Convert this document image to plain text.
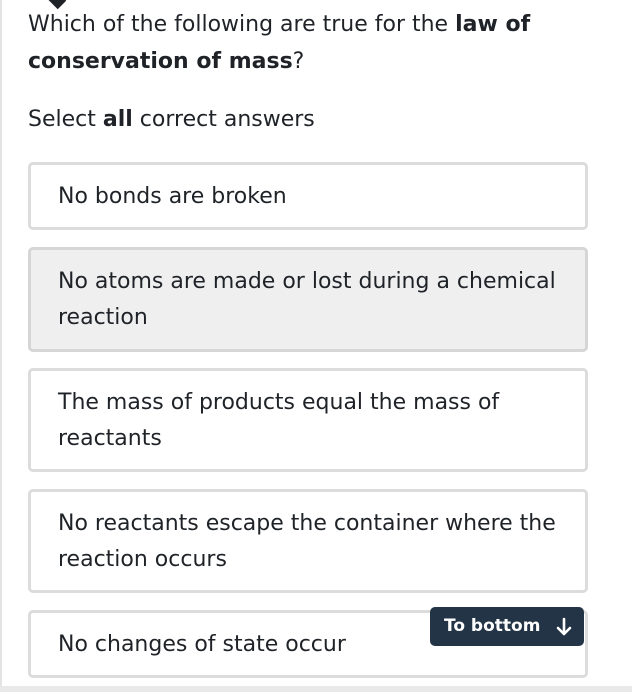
Which of the following are true for the law of conservation of mass?
Select all correct answers
No bonds are broken
No atoms are made or lost during a chemical reaction
The mass of products equal the mass of reactants
No reactants escape the container where the reaction occurs
No changes of state occur
To bottom
